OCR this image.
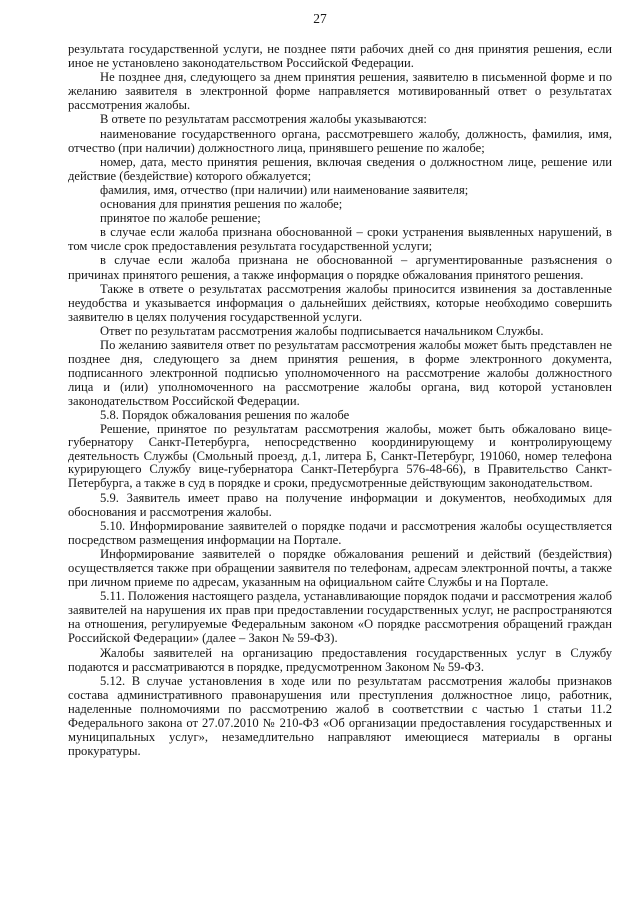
27

результата государственной услуги, не позднее пяти рабочих дней со дня принятия решения, если иное не установлено законодательством Российской Федерации.

Не позднее дня, следующего за днем принятия решения, заявителю в письменной форме и по желанию заявителя в электронной форме направляется мотивированный ответ о результатах рассмотрения жалобы.

В ответе по результатам рассмотрения жалобы указываются:

наименование государственного органа, рассмотревшего жалобу, должность, фамилия, имя, отчество (при наличии) должностного лица, принявшего решение по жалобе;

номер, дата, место принятия решения, включая сведения о должностном лице, решение или действие (бездействие) которого обжалуется;

фамилия, имя, отчество (при наличии) или наименование заявителя;

основания для принятия решения по жалобе;

принятое по жалобе решение;

в случае если жалоба признана обоснованной – сроки устранения выявленных нарушений, в том числе срок предоставления результата государственной услуги;

в случае если жалоба признана не обоснованной – аргументированные разъяснения о причинах принятого решения, а также информация о порядке обжалования принятого решения.

Также в ответе о результатах рассмотрения жалобы приносится извинения за доставленные неудобства и указывается информация о дальнейших действиях, которые необходимо совершить заявителю в целях получения государственной услуги.

Ответ по результатам рассмотрения жалобы подписывается начальником Службы.

По желанию заявителя ответ по результатам рассмотрения жалобы может быть представлен не позднее дня, следующего за днем принятия решения, в форме электронного документа, подписанного электронной подписью уполномоченного на рассмотрение жалобы должностного лица и (или) уполномоченного на рассмотрение жалобы органа, вид которой установлен законодательством Российской Федерации.

5.8. Порядок обжалования решения по жалобе

Решение, принятое по результатам рассмотрения жалобы, может быть обжаловано вице-губернатору Санкт-Петербурга, непосредственно координирующему и контролирующему деятельность Службы (Смольный проезд, д.1, литера Б, Санкт-Петербург, 191060, номер телефона курирующего Службу вице-губернатора Санкт-Петербурга 576-48-66), в Правительство Санкт-Петербурга, а также в суд в порядке и сроки, предусмотренные действующим законодательством.

5.9. Заявитель имеет право на получение информации и документов, необходимых для обоснования и рассмотрения жалобы.

5.10. Информирование заявителей о порядке подачи и рассмотрения жалобы осуществляется посредством размещения информации на Портале.

Информирование заявителей о порядке обжалования решений и действий (бездействия) осуществляется также при обращении заявителя по телефонам, адресам электронной почты, а также при личном приеме по адресам, указанным на официальном сайте Службы и на Портале.

5.11. Положения настоящего раздела, устанавливающие порядок подачи и рассмотрения жалоб заявителей на нарушения их прав при предоставлении государственных услуг, не распространяются на отношения, регулируемые Федеральным законом «О порядке рассмотрения обращений граждан Российской Федерации» (далее – Закон № 59-ФЗ).

Жалобы заявителей на организацию предоставления государственных услуг в Службу подаются и рассматриваются в порядке, предусмотренном Законом № 59-ФЗ.

5.12. В случае установления в ходе или по результатам рассмотрения жалобы признаков состава административного правонарушения или преступления должностное лицо, работник, наделенные полномочиями по рассмотрению жалоб в соответствии с частью 1 статьи 11.2 Федерального закона от 27.07.2010 № 210-ФЗ «Об организации предоставления государственных и муниципальных услуг», незамедлительно направляют имеющиеся материалы в органы прокуратуры.
